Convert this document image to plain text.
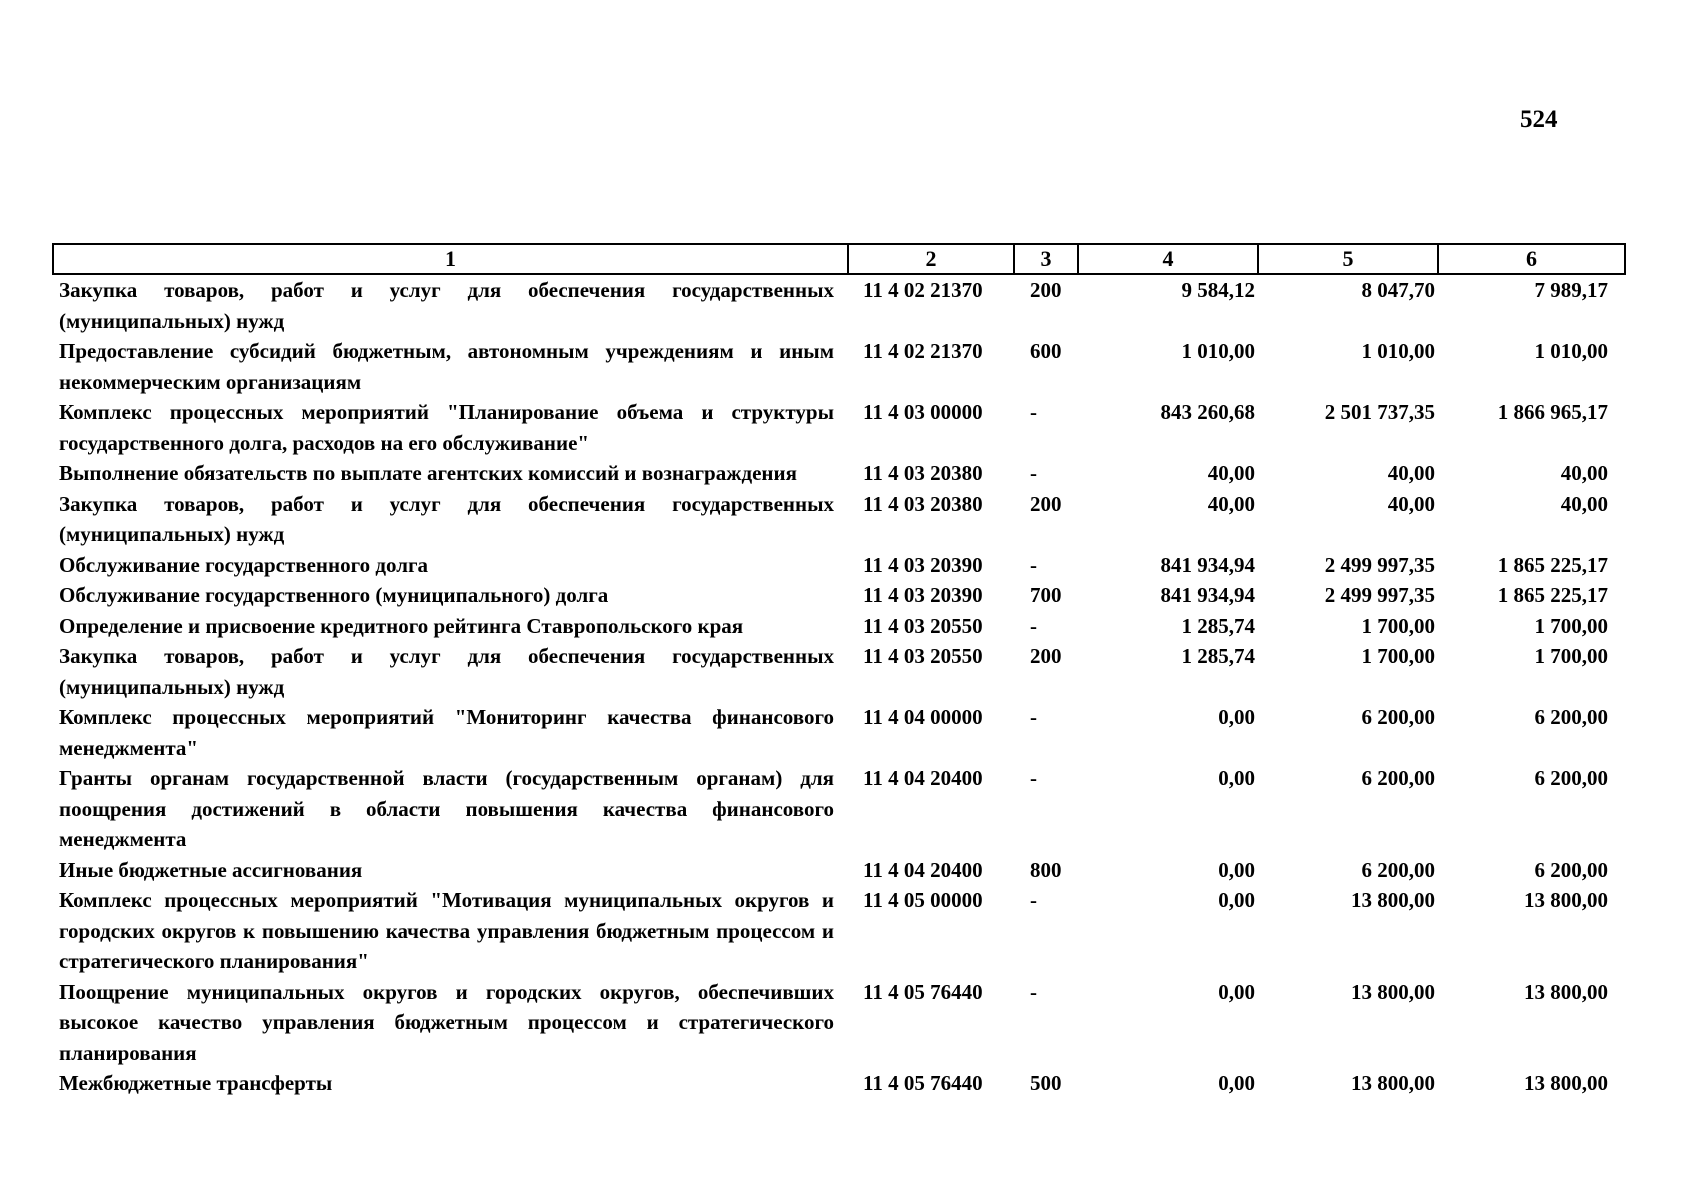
524
1	2	3	4	5	6
Закупка товаров, работ и услуг для обеспечения государственных (муниципальных) нужд	11 4 02 21370	200	9 584,12	8 047,70	7 989,17
Предоставление субсидий бюджетным, автономным учреждениям и иным некоммерческим организациям	11 4 02 21370	600	1 010,00	1 010,00	1 010,00
Комплекс процессных мероприятий "Планирование объема и структуры государственного долга, расходов на его обслуживание"	11 4 03 00000	-	843 260,68	2 501 737,35	1 866 965,17
Выполнение обязательств по выплате агентских комиссий и вознаграждения	11 4 03 20380	-	40,00	40,00	40,00
Закупка товаров, работ и услуг для обеспечения государственных (муниципальных) нужд	11 4 03 20380	200	40,00	40,00	40,00
Обслуживание государственного долга	11 4 03 20390	-	841 934,94	2 499 997,35	1 865 225,17
Обслуживание государственного (муниципального) долга	11 4 03 20390	700	841 934,94	2 499 997,35	1 865 225,17
Определение и присвоение кредитного рейтинга Ставропольского края	11 4 03 20550	-	1 285,74	1 700,00	1 700,00
Закупка товаров, работ и услуг для обеспечения государственных (муниципальных) нужд	11 4 03 20550	200	1 285,74	1 700,00	1 700,00
Комплекс процессных мероприятий "Мониторинг качества финансового менеджмента"	11 4 04 00000	-	0,00	6 200,00	6 200,00
Гранты органам государственной власти (государственным органам) для поощрения достижений в области повышения качества финансового менеджмента	11 4 04 20400	-	0,00	6 200,00	6 200,00
Иные бюджетные ассигнования	11 4 04 20400	800	0,00	6 200,00	6 200,00
Комплекс процессных мероприятий "Мотивация муниципальных округов и городских округов к повышению качества управления бюджетным процессом и стратегического планирования"	11 4 05 00000	-	0,00	13 800,00	13 800,00
Поощрение муниципальных округов и городских округов, обеспечивших высокое качество управления бюджетным процессом и стратегического планирования	11 4 05 76440	-	0,00	13 800,00	13 800,00
Межбюджетные трансферты	11 4 05 76440	500	0,00	13 800,00	13 800,00
